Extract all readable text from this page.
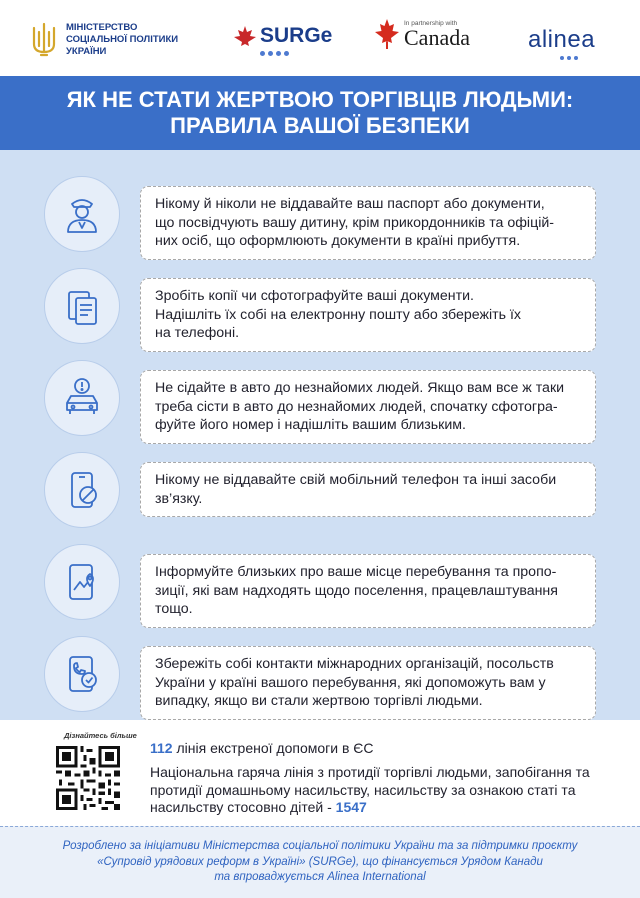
МІНІСТЕРСТВО
СОЦІАЛЬНОЇ ПОЛІТИКИ
УКРАЇНИ
SURGe
In partnership with
Canada alinea
ЯК НЕ СТАТИ ЖЕРТВОЮ ТОРГІВЦІВ ЛЮДЬМИ:
ПРАВИЛА ВАШОЇ БЕЗПЕКИ
Нікому й ніколи не віддавайте ваш паспорт або документи,
що посвідчують вашу дитину, крім прикордонників та офіцій-
них осіб, що оформлюють документи в країні прибуття.
Зробіть копії чи сфотографуйте ваші документи.
Надішліть їх собі на електронну пошту або збережіть їх
на телефоні.
Не сідайте в авто до незнайомих людей. Якщо вам все ж таки
треба сісти в авто до незнайомих людей, спочатку сфотогра-
фуйте його номер і надішліть вашим близьким.
Нікому не віддавайте свій мобільний телефон та інші засоби
зв’язку.
Інформуйте близьких про ваше місце перебування та пропо-
зиції, які вам надходять щодо поселення, працевлаштування
тощо.
Збережіть собі контакти міжнародних організацій, посольств
України у країні вашого перебування, які допоможуть вам у
випадку, якщо ви стали жертвою торгівлі людьми.
Дізнайтесь більше
112 лінія екстреної допомоги в ЄС
Національна гаряча лінія з протидії торгівлі людьми, запобігання та протидії домашньому насильству, насильству за ознакою статі та насильству стосовно дітей - 1547
Розроблено за ініціативи Міністерства соціальної політики України та за підтримки проєкту
«Супровід урядових реформ в Україні» (SURGe), що фінансується Урядом Канади
та впроваджується Alinea International
